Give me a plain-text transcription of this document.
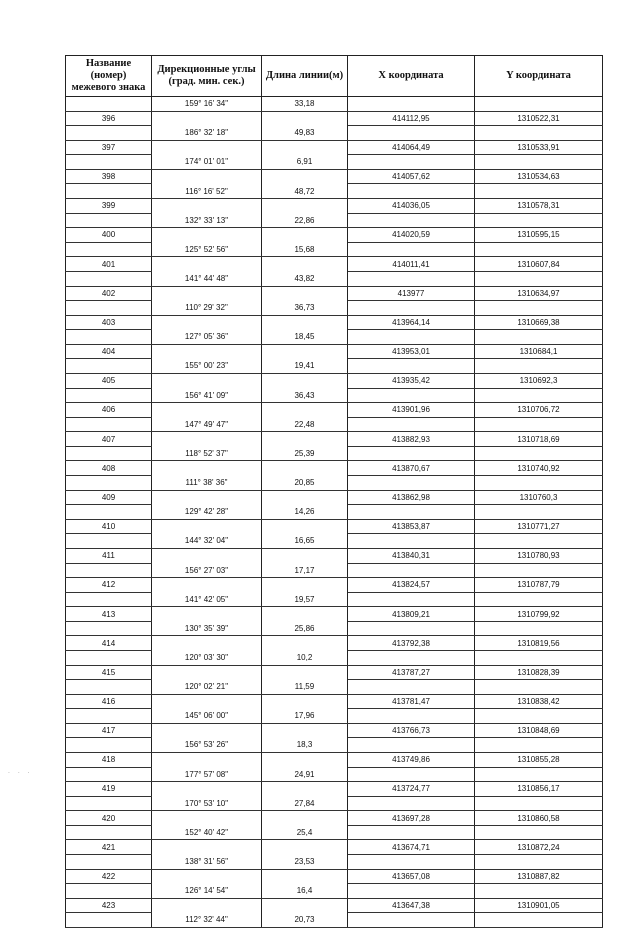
Название
(номер)
межевого знака	Дирекционные углы
(град. мин. сек.)	Длина линии(м)	X координата	Y координата
	159° 16' 34"	33,18		
396			414112,95	1310522,31
	186° 32' 18"	49,83		
397			414064,49	1310533,91
	174° 01' 01"	6,91		
398			414057,62	1310534,63
	116° 16' 52"	48,72		
399			414036,05	1310578,31
	132° 33' 13"	22,86		
400			414020,59	1310595,15
	125° 52' 56"	15,68		
401			414011,41	1310607,84
	141° 44' 48"	43,82		
402			413977	1310634,97
	110° 29' 32"	36,73		
403			413964,14	1310669,38
	127° 05' 36"	18,45		
404			413953,01	1310684,1
	155° 00' 23"	19,41		
405			413935,42	1310692,3
	156° 41' 09"	36,43		
406			413901,96	1310706,72
	147° 49' 47"	22,48		
407			413882,93	1310718,69
	118° 52' 37"	25,39		
408			413870,67	1310740,92
	111° 38' 36"	20,85		
409			413862,98	1310760,3
	129° 42' 28"	14,26		
410			413853,87	1310771,27
	144° 32' 04"	16,65		
411			413840,31	1310780,93
	156° 27' 03"	17,17		
412			413824,57	1310787,79
	141° 42' 05"	19,57		
413			413809,21	1310799,92
	130° 35' 39"	25,86		
414			413792,38	1310819,56
	120° 03' 30"	10,2		
415			413787,27	1310828,39
	120° 02' 21"	11,59		
416			413781,47	1310838,42
	145° 06' 00"	17,96		
417			413766,73	1310848,69
	156° 53' 26"	18,3		
418			413749,86	1310855,28
	177° 57' 08"	24,91		
419			413724,77	1310856,17
	170° 53' 10"	27,84		
420			413697,28	1310860,58
	152° 40' 42"	25,4		
421			413674,71	1310872,24
	138° 31' 56"	23,53		
422			413657,08	1310887,82
	126° 14' 54"	16,4		
423			413647,38	1310901,05
	112° 32' 44"	20,73		
. . .
